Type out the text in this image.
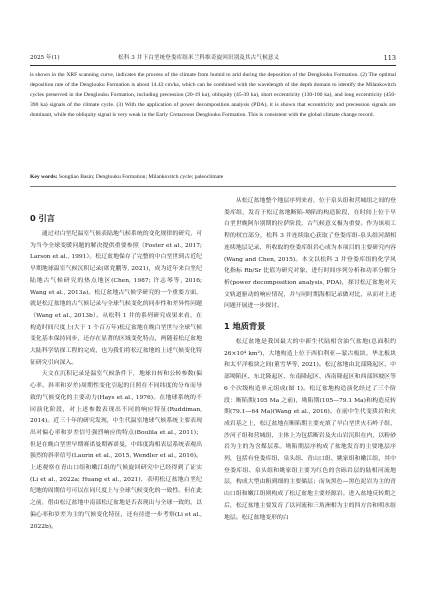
2025 年(1)	松科 3 井下白垩统登娄库组米兰科维奇旋回识别及其古气候意义	113

is shown in the XRF scanning curve, indicates the process of the climate from humid to arid during the deposition of the Denglouku Formation. (2) The optimal deposition rate of the Denglouku Formation is about 14.43 cm/ka, which can be combined with the wavelength of the depth domain to identify the Milankovitch cycles preserved in the Denglouku Formation, including precession (20-19 ka), obliquity (45-39 ka), short eccentricity (130-100 ka), and long eccentricity (450-390 ka) signals of the climate cycle. (3) With the application of power decomposition analysis (PDA), it is shown that eccentricity and precession signals are dominant, while the obliquity signal is very weak in the Early Cretaceous Denglouku Formation. This is consistent with the global climate change record.

Key words: Songliao Basin; Denglouku Formation; Milankovitch cycle; paleoclimate
0 引言

通过对白垩纪温室气候表陆地气候系统的变化规律的研究，可为当今全球变暖问题的解决提供重要参照（Foster et al., 2017; Larson et al., 1991）。松辽盆地保存了完整的中白垩世到古近纪早期地球温室气候沉积记录(席党鹏等, 2021)，成为近年来白垩纪陆地古气候研究的热点地区(Chen, 1987; 许志琴等, 2016; Wang et al., 2013a)。松辽盆地古气候学研究的一个重要方面，就是松辽盆地的古气候记录与全球气候变化的同步性和差异性问题（Wang et al., 2013b）。从松科 1 井的系列研究成果来看，在构造时间尺度上(大于 1 个百万年)松辽盆地在晚白垩世与全球气候变化基本保持同步，还存在显著的区域变化特点，两随着松辽盆地大陆科学钻探工程的完成，也为我们将松辽盆地的上述气候变化特征研究引向深入。

天文在沉积记录是温室气候条件下，地球自转和公转参数(偏心率、斜率和岁差)周期性变化引起的日照在不同纬度的分布而导致的气候变化的主要动力(Hays et al., 1976)。在地球系统的不同演化阶段，对上述参数表现出不同的响应特征(Ruddiman, 2014)。近三十年的研究发现，中生代温室地球气候系统主要表现出对偏心率和岁差信号强烈响应的特点(Boulila et al., 2011)；但是在晚白垩世早期赛诺曼期赛诺曼，中纬度海相表层系统表观出强烈的斜率信号(Laurin et al., 2015, Wendler et al., 2016)。上述观察在青山口组和嫩江组的气候旋回研究中已经得到了证实(Li et al., 2022a; Huang et al., 2021)，表明松辽盆地白垩纪纪地的周期信号可以在同尺度上与全球气候变化的一致性。但在此之前，借由松辽盆地中南部松辽盆地是否表现出与全球一致的，以偏心率和岁差为主的气候变化特征，还有待进一步考察(Li et al., 2022b)。

从松辽盆地整个地层序列来看，位于泉头组和营城组之间的登娄库组，发育于松辽盆地断陷-坳陷的构造阶段，在时间上位于早白垩世晚阿尔别期的拉萨阶段，古气候意义极为重要。作为该项工程的权宜部分，松科 3 井连续取心获取了登娄库组-泉头组河湖相连续地层记录，所收取的登娄库组岩心成为本项目的主要研究内容(Wang and Chen, 2015)。本文以松科 3 井登娄库组的化学风化指标 Rb/Sr 比值为研究对象，进行时间序列分析和功率分解分析(power decomposition analysis, PDA)，探讨松辽盆地对天文轨道驱动的响应情况，并与同时期海相记录做对比，从而对上述问题开展进一步探讨。

1 地质背景

松辽盆地是我国最大的中新生代陆相含油气盆地(总面积约 26×10⁴ km²)，大地构造上位于西伯利亚—蒙古板块、华北板块和太平洋板块之间(董雪华等, 2021)。松辽盆地由北部隆起区、中部坳陷区、东北隆起区、东南隆起区、西南隆起区和西部斜坡区等 6 个次级构造单元组成(图 1)。松辽盆地构造演化经过了三个阶段：断陷期(105 Ma 之前)，坳陷期(105—79.1 Ma)和构造反转期(79.1—64 Ma)(Wang et al., 2016)。在前中生代变质岩和火成岩基之上，松辽盆地在断陷期主要充填了早白垩世火石岭子组、沙河子组和营城组，主体上为包括断岩及火山岩沉积在内，以粉砂岩为主的为含煤层系。坳陷期层序构成了盆地发育的主要地层序列，包括有登娄库组、泉头组、青山口组、姚家组和嫩江组，其中登娄库组、泉头组和姚家组主要为红色的含砾岩层的陆相河流地层，构成大型由粗到细的主要储层；而灰黑色—黑色泥岩为主的青山口组和嫩江组则构成了松辽盆地主要烃源岩。进入盆地反转期之后，松辽盆地主要发育了以河流和三角洲相为主的四方台和明水组地层。松辽盆地变形的白
